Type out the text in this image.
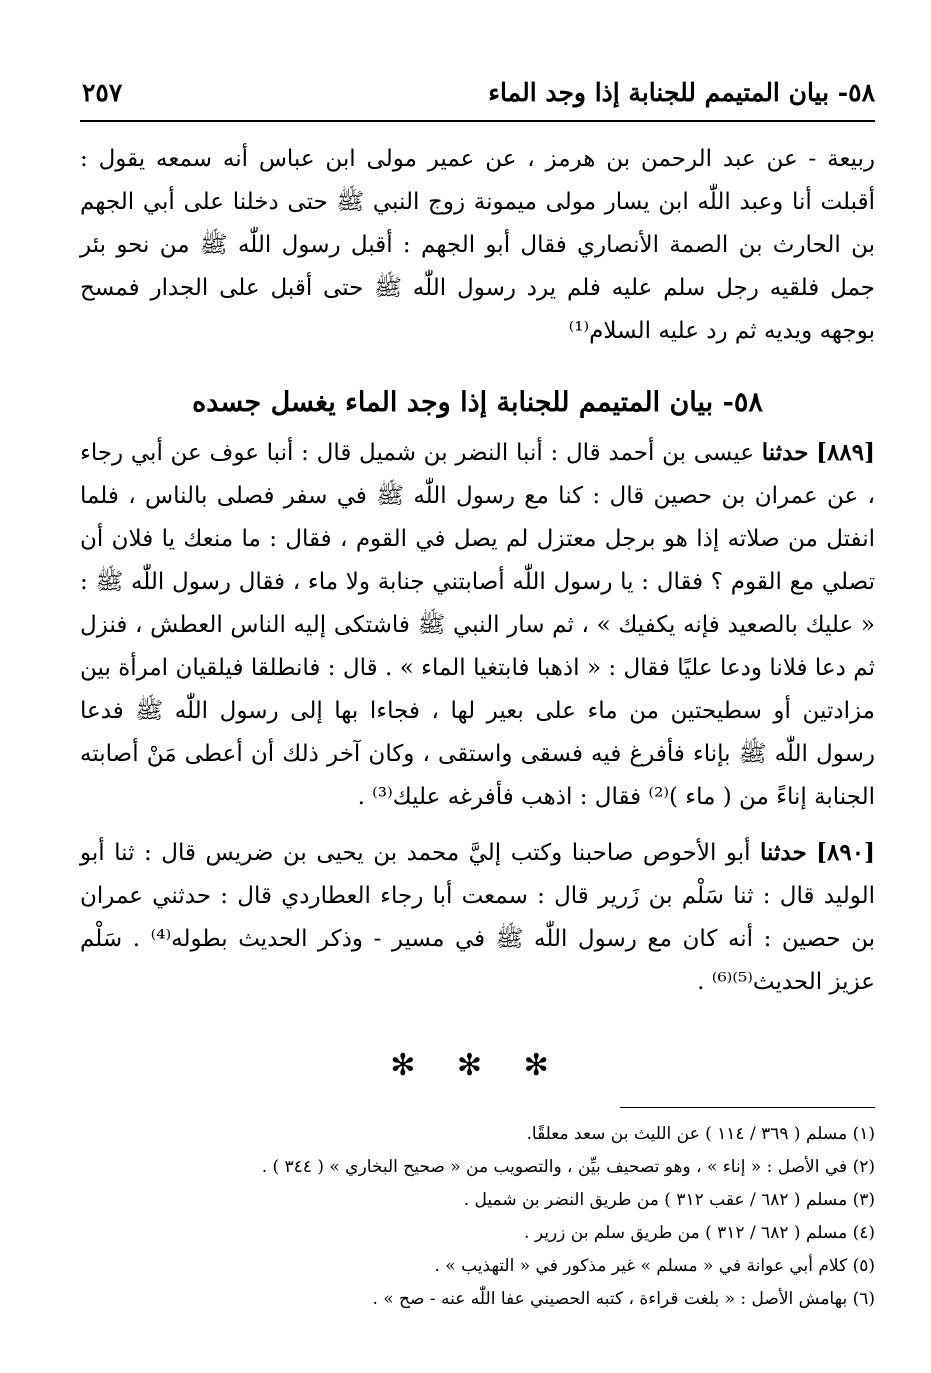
٥٨- بيان المتيمم للجنابة إذا وجد الماء
٢٥٧

ربيعة - عن عبد الرحمن بن هرمز ، عن عمير مولى ابن عباس أنه سمعه يقول : أقبلت أنا وعبد اللّٰه ابن يسار مولى ميمونة زوج النبي ﷺ حتى دخلنا على أبي الجهم بن الحارث بن الصمة الأنصاري فقال أبو الجهم : أقبل رسول اللّٰه ﷺ من نحو بئر جمل فلقيه رجل سلم عليه فلم يرد رسول اللّٰه ﷺ حتى أقبل على الجدار فمسح بوجهه ويديه ثم رد عليه السلام⁽¹⁾

٥٨- بيان المتيمم للجنابة إذا وجد الماء يغسل جسده

[٨٨٩] حدثنا عيسى بن أحمد قال : أنبا النضر بن شميل قال : أنبا عوف عن أبي رجاء ، عن عمران بن حصين قال : كنا مع رسول اللّٰه ﷺ في سفر فصلى بالناس ، فلما انفتل من صلاته إذا هو برجل معتزل لم يصل في القوم ، فقال : ما منعك يا فلان أن تصلي مع القوم ؟ فقال : يا رسول اللّٰه أصابتني جنابة ولا ماء ، فقال رسول اللّٰه ﷺ : « عليك بالصعيد فإنه يكفيك » ، ثم سار النبي ﷺ فاشتكى إليه الناس العطش ، فنزل ثم دعا فلانا ودعا عليًا فقال : « اذهبا فابتغيا الماء » . قال : فانطلقا فيلقيان امرأة بين مزادتين أو سطيحتين من ماء على بعير لها ، فجاءا بها إلى رسول اللّٰه ﷺ فدعا رسول اللّٰه ﷺ بإناء فأفرغ فيه فسقى واستقى ، وكان آخر ذلك أن أعطى مَنْ أصابته الجنابة إناءً من ( ماء )⁽²⁾ فقال : اذهب فأفرغه عليك⁽³⁾ .

[٨٩٠] حدثنا أبو الأحوص صاحبنا وكتب إليَّ محمد بن يحيى بن ضريس قال : ثنا أبو الوليد قال : ثنا سَلْم بن زَرير قال : سمعت أبا رجاء العطاردي قال : حدثني عمران بن حصين : أنه كان مع رسول اللّٰه ﷺ في مسير - وذكر الحديث بطوله⁽⁴⁾ . سَلْم عزيز الحديث⁽⁵⁾⁽⁶⁾ .

✻ ✻ ✻
(١) مسلم ( ٣٦٩ / ١١٤ ) عن الليث بن سعد معلقًا.
(٢) في الأصل : « إناء » ، وهو تصحيف بيِّن ، والتصويب من « صحيح البخاري » ( ٣٤٤ ) .
(٣) مسلم ( ٦٨٢ / عقب ٣١٢ ) من طريق النضر بن شميل .
(٤) مسلم ( ٦٨٢ / ٣١٢ ) من طريق سلم بن زرير .
(٥) كلام أبي عوانة في « مسلم » غير مذكور في « التهذيب » .
(٦) بهامش الأصل : « بلغت قراءة ، كتبه الحصيني عفا اللّٰه عنه - صح » .
